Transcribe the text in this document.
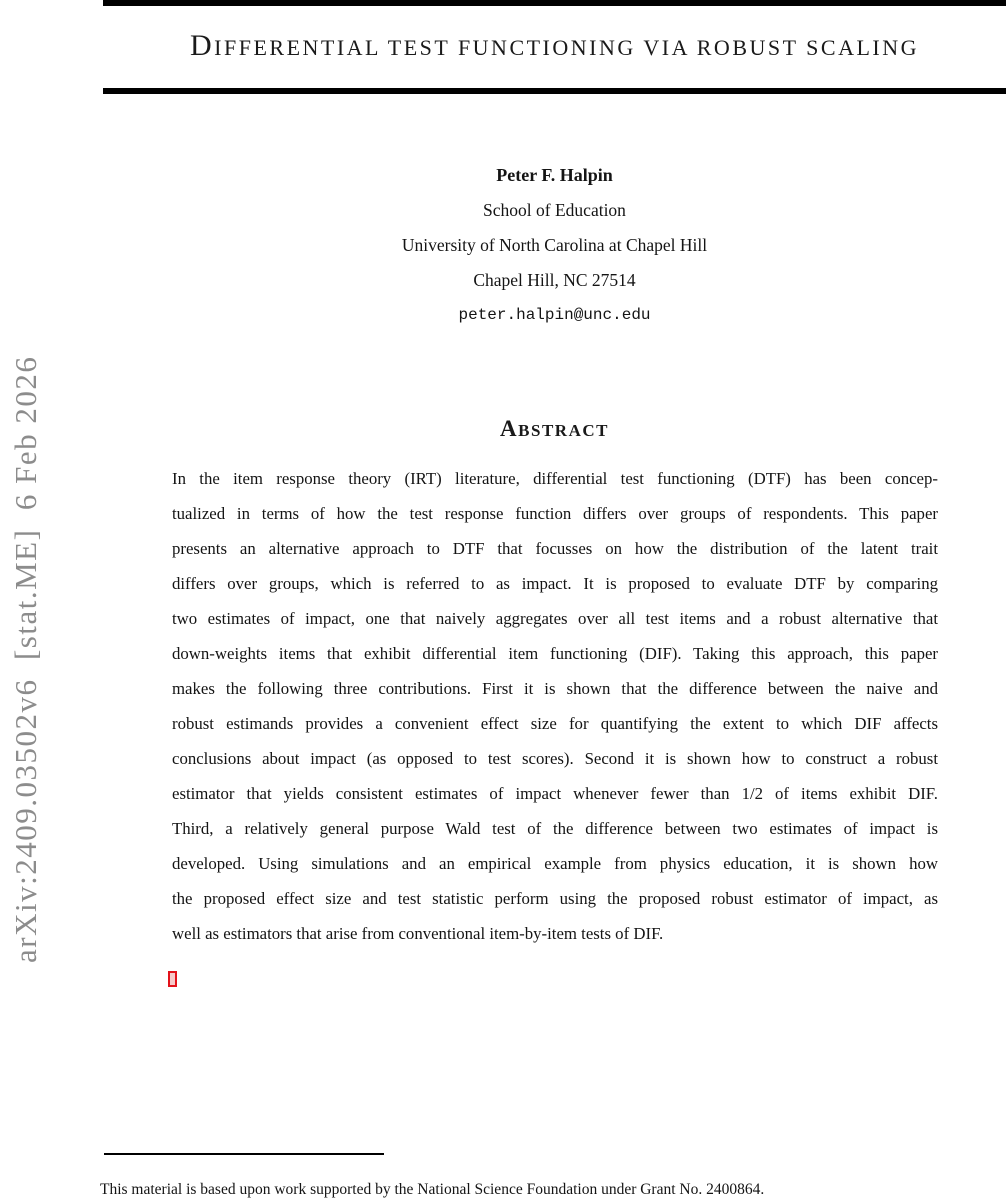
DIFFERENTIAL TEST FUNCTIONING VIA ROBUST SCALING
Peter F. Halpin
School of Education
University of North Carolina at Chapel Hill
Chapel Hill, NC 27514
peter.halpin@unc.edu
ABSTRACT
In the item response theory (IRT) literature, differential test functioning (DTF) has been concep-
tualized in terms of how the test response function differs over groups of respondents. This paper
presents an alternative approach to DTF that focusses on how the distribution of the latent trait
differs over groups, which is referred to as impact. It is proposed to evaluate DTF by comparing
two estimates of impact, one that naively aggregates over all test items and a robust alternative that
down-weights items that exhibit differential item functioning (DIF). Taking this approach, this paper
makes the following three contributions. First it is shown that the difference between the naive and
robust estimands provides a convenient effect size for quantifying the extent to which DIF affects
conclusions about impact (as opposed to test scores). Second it is shown how to construct a robust
estimator that yields consistent estimates of impact whenever fewer than 1/2 of items exhibit DIF.
Third, a relatively general purpose Wald test of the difference between two estimates of impact is
developed. Using simulations and an empirical example from physics education, it is shown how
the proposed effect size and test statistic perform using the proposed robust estimator of impact, as
well as estimators that arise from conventional item-by-item tests of DIF.
This material is based upon work supported by the National Science Foundation under Grant No. 2400864.
arXiv:2409.03502v6  [stat.ME]  6 Feb 2026
